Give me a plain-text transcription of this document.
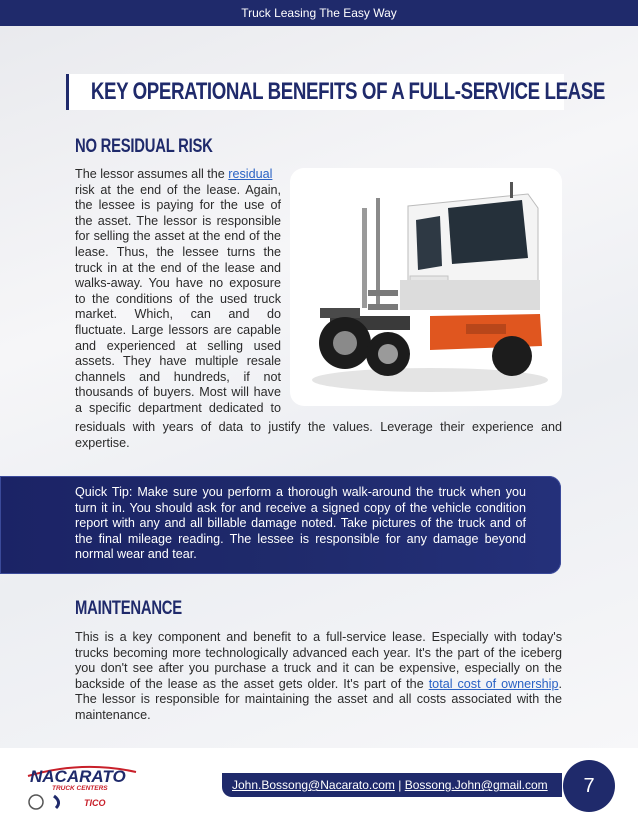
Truck Leasing The Easy Way
KEY OPERATIONAL BENEFITS OF A FULL-SERVICE LEASE
NO RESIDUAL RISK
The lessor assumes all the residual
risk at the end of the lease. Again,
the lessee is paying for the use of
the asset. The lessor is responsible
for selling the asset at the end of the
lease. Thus, the lessee turns the
truck in at the end of the lease and
walks-away. You have no exposure
to the conditions of the used truck
market. Which, can and do
fluctuate. Large lessors are capable
and experienced at selling used
assets. They have multiple resale
channels and hundreds, if not
thousands of buyers. Most will have
a specific department dedicated to
residuals with years of data to justify the values. Leverage their experience and expertise.
Quick Tip: Make sure you perform a thorough walk-around the truck when you turn it in. You should ask for and receive a signed copy of the vehicle condition report with any and all billable damage noted. Take pictures of the truck and of the final mileage reading. The lessee is responsible for any damage beyond normal wear and tear.
MAINTENANCE
This is a key component and benefit to a full-service lease. Especially with today's trucks becoming more technologically advanced each year. It's the part of the iceberg you don't see after you purchase a truck and it can be expensive, especially on the backside of the lease as the asset gets older. It's part of the total cost of ownership. The lessor is responsible for maintaining the asset and all costs associated with the maintenance.
NACARATO
TRUCK CENTERS
TICO
John.Bossong@Nacarato.com | Bossong.John@gmail.com	7
